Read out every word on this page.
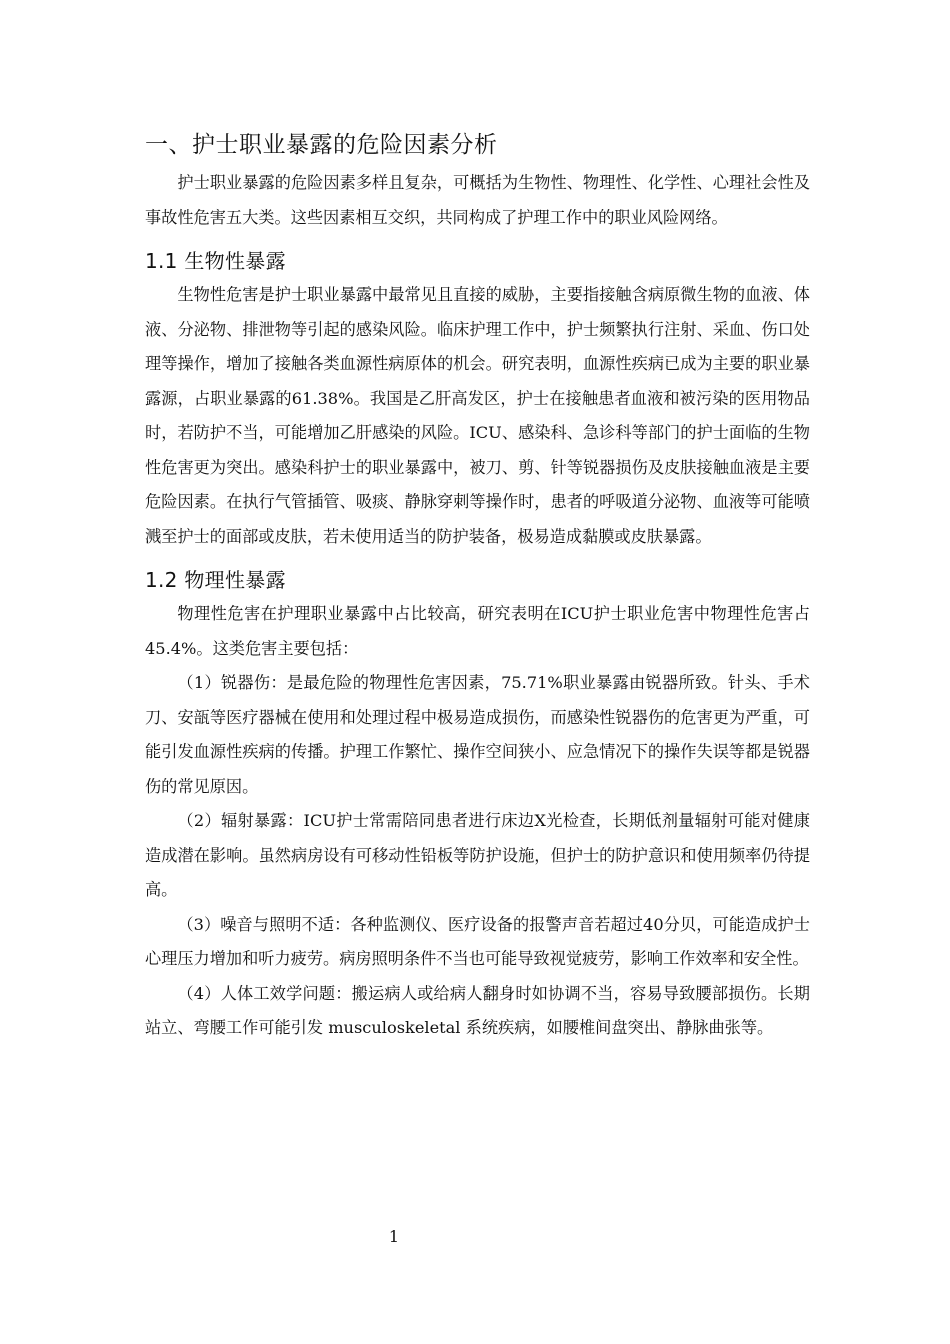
一、护士职业暴露的危险因素分析

护士职业暴露的危险因素多样且复杂，可概括为生物性、物理性、化学性、心理社会性及事故性危害五大类。这些因素相互交织，共同构成了护理工作中的职业风险网络。

1.1 生物性暴露

生物性危害是护士职业暴露中最常见且直接的威胁，主要指接触含病原微生物的血液、体液、分泌物、排泄物等引起的感染风险。临床护理工作中，护士频繁执行注射、采血、伤口处理等操作，增加了接触各类血源性病原体的机会。研究表明，血源性疾病已成为主要的职业暴露源，占职业暴露的61.38%。我国是乙肝高发区，护士在接触患者血液和被污染的医用物品时，若防护不当，可能增加乙肝感染的风险。ICU、感染科、急诊科等部门的护士面临的生物性危害更为突出。感染科护士的职业暴露中，被刀、剪、针等锐器损伤及皮肤接触血液是主要危险因素。在执行气管插管、吸痰、静脉穿刺等操作时，患者的呼吸道分泌物、血液等可能喷溅至护士的面部或皮肤，若未使用适当的防护装备，极易造成黏膜或皮肤暴露。

1.2 物理性暴露

物理性危害在护理职业暴露中占比较高，研究表明在ICU护士职业危害中物理性危害占45.4%。这类危害主要包括：

（1）锐器伤：是最危险的物理性危害因素，75.71%职业暴露由锐器所致。针头、手术刀、安瓿等医疗器械在使用和处理过程中极易造成损伤，而感染性锐器伤的危害更为严重，可能引发血源性疾病的传播。护理工作繁忙、操作空间狭小、应急情况下的操作失误等都是锐器伤的常见原因。

（2）辐射暴露：ICU护士常需陪同患者进行床边X光检查，长期低剂量辐射可能对健康造成潜在影响。虽然病房设有可移动性铅板等防护设施，但护士的防护意识和使用频率仍待提高。

（3）噪音与照明不适：各种监测仪、医疗设备的报警声音若超过40分贝，可能造成护士心理压力增加和听力疲劳。病房照明条件不当也可能导致视觉疲劳，影响工作效率和安全性。

（4）人体工效学问题：搬运病人或给病人翻身时如协调不当，容易导致腰部损伤。长期站立、弯腰工作可能引发 musculoskeletal 系统疾病，如腰椎间盘突出、静脉曲张等。

1
